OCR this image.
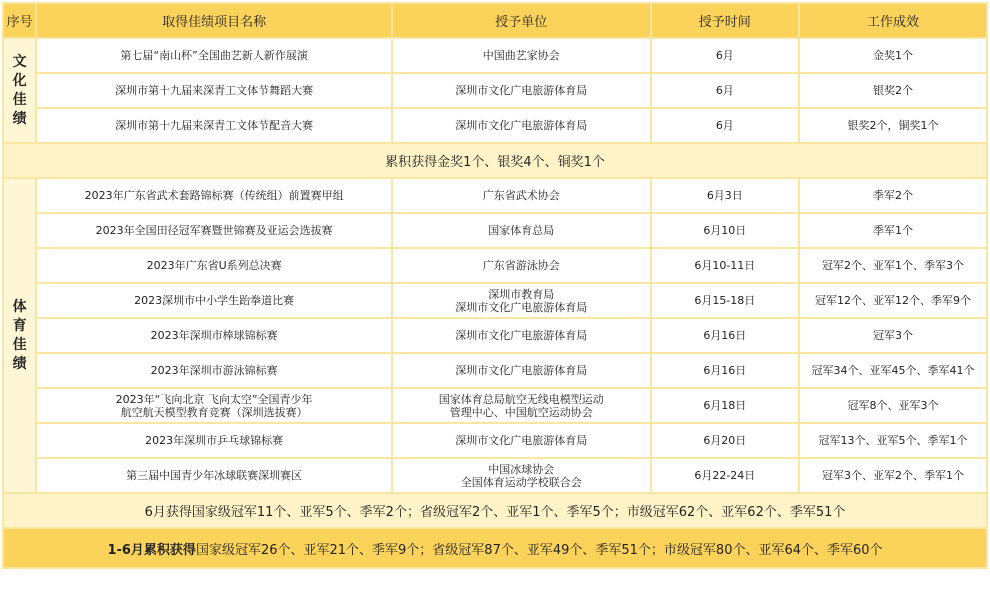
序号	取得佳绩项目名称	授予单位	授予时间	工作成效
文化佳绩	第七届“南山杯”全国曲艺新人新作展演	中国曲艺家协会	6月	金奖1个
	深圳市第十九届来深青工文体节舞蹈大赛	深圳市文化广电旅游体育局	6月	银奖2个
	深圳市第十九届来深青工文体节配音大赛	深圳市文化广电旅游体育局	6月	银奖2个，铜奖1个
累积获得金奖1个、银奖4个、铜奖1个				
体育佳绩	2023年广东省武术套路锦标赛（传统组）前置赛甲组	广东省武术协会	6月3日	季军2个
	2023年全国田径冠军赛暨世锦赛及亚运会选拔赛	国家体育总局	6月10日	季军1个
	2023年广东省U系列总决赛	广东省游泳协会	6月10-11日	冠军2个、亚军1个、季军3个
	2023深圳市中小学生跆拳道比赛	深圳市教育局
深圳市文化广电旅游体育局	6月15-18日	冠军12个、亚军12个、季军9个
	2023年深圳市棒球锦标赛	深圳市文化广电旅游体育局	6月16日	冠军3个
	2023年深圳市游泳锦标赛	深圳市文化广电旅游体育局	6月16日	冠军34个、亚军45个、季军41个

	2023年“飞向北京 飞向太空”全国青少年
航空航天模型教育竞赛（深圳选拔赛）	国家体育总局航空无线电模型运动
管理中心、中国航空运动协会	6月18日	冠军8个、亚军3个
	2023年深圳市乒乓球锦标赛	深圳市文化广电旅游体育局	6月20日	冠军13个、亚军5个、季军1个
	第三届中国青少年冰球联赛深圳赛区	中国冰球协会
全国体育运动学校联合会	6月22-24日	冠军3个、亚军2个、季军1个
6月获得国家级冠军11个、亚军5个、季军2个；省级冠军2个、亚军1个、季军5个；市级冠军62个、亚军62个、季军51个				
1-6月累积获得国家级冠军26个、亚军21个、季军9个；省级冠军87个、亚军49个、季军51个；市级冠军80个、亚军64个、季军60个				
